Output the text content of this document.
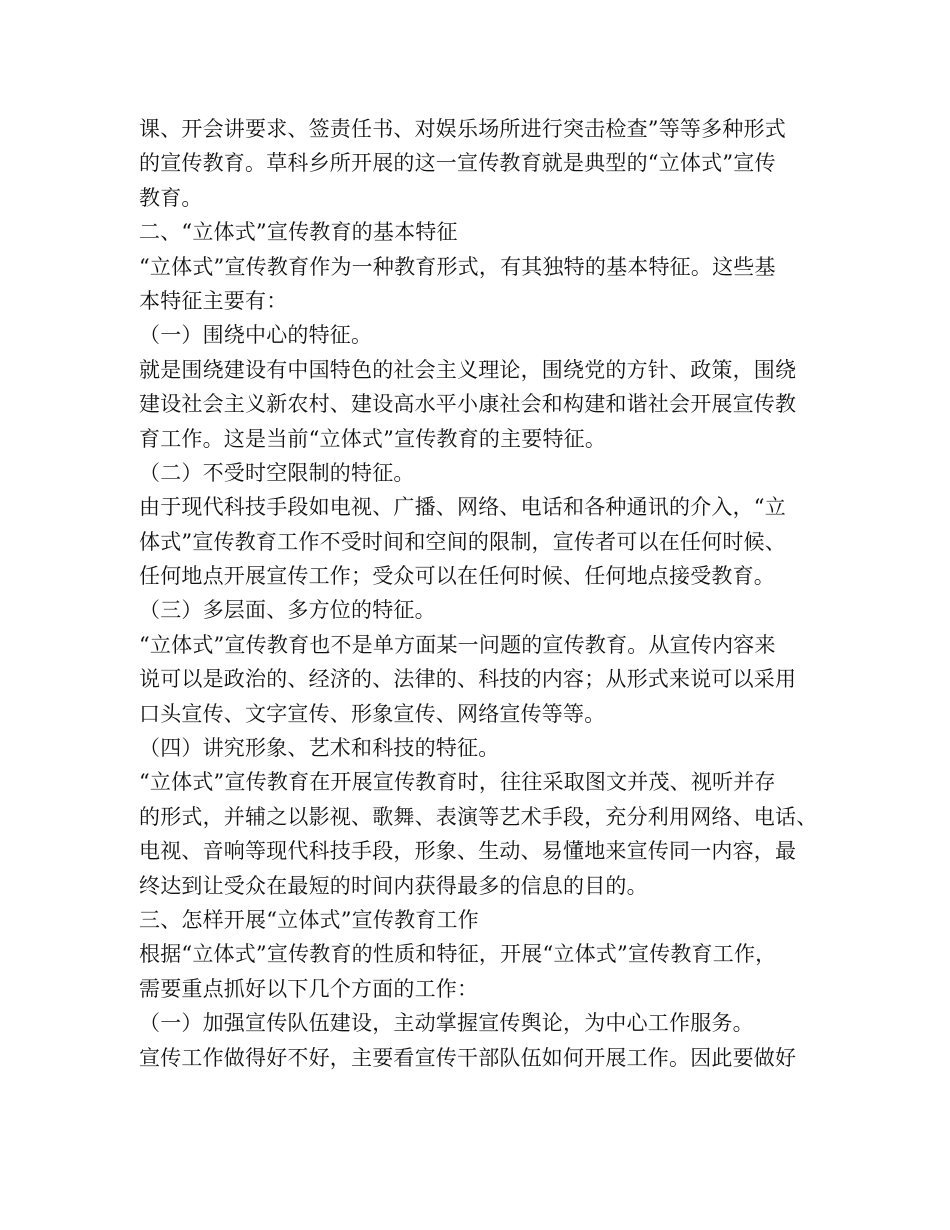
课、开会讲要求、签责任书、对娱乐场所进行突击检查”等等多种形式
的宣传教育。草科乡所开展的这一宣传教育就是典型的“立体式”宣传
教育。
二、“立体式”宣传教育的基本特征
“立体式”宣传教育作为一种教育形式，有其独特的基本特征。这些基
本特征主要有：
（一）围绕中心的特征。
就是围绕建设有中国特色的社会主义理论，围绕党的方针、政策，围绕
建设社会主义新农村、建设高水平小康社会和构建和谐社会开展宣传教
育工作。这是当前“立体式”宣传教育的主要特征。
（二）不受时空限制的特征。
由于现代科技手段如电视、广播、网络、电话和各种通讯的介入，“立
体式”宣传教育工作不受时间和空间的限制，宣传者可以在任何时候、
任何地点开展宣传工作；受众可以在任何时候、任何地点接受教育。
（三）多层面、多方位的特征。
“立体式”宣传教育也不是单方面某一问题的宣传教育。从宣传内容来
说可以是政治的、经济的、法律的、科技的内容；从形式来说可以采用
口头宣传、文字宣传、形象宣传、网络宣传等等。
（四）讲究形象、艺术和科技的特征。
“立体式”宣传教育在开展宣传教育时，往往采取图文并茂、视听并存
的形式，并辅之以影视、歌舞、表演等艺术手段，充分利用网络、电话、
电视、音响等现代科技手段，形象、生动、易懂地来宣传同一内容，最
终达到让受众在最短的时间内获得最多的信息的目的。
三、怎样开展“立体式”宣传教育工作
根据“立体式”宣传教育的性质和特征，开展“立体式”宣传教育工作，
需要重点抓好以下几个方面的工作：
（一）加强宣传队伍建设，主动掌握宣传舆论，为中心工作服务。
宣传工作做得好不好，主要看宣传干部队伍如何开展工作。因此要做好
